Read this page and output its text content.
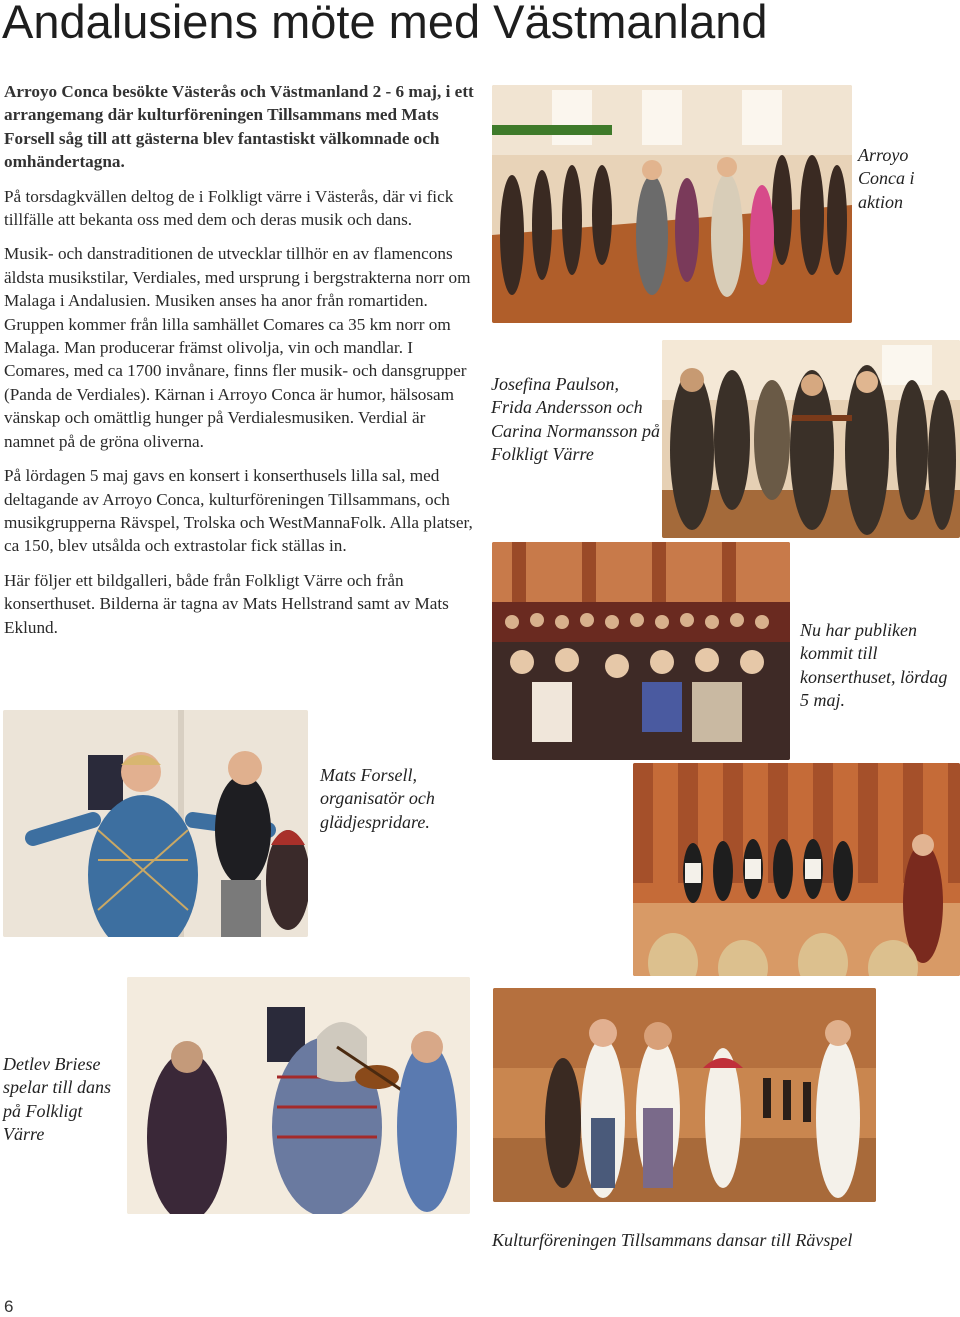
Andalusiens möte med Västmanland

Arroyo Conca besökte Västerås och Västmanland 2 - 6 maj, i ett arrangemang där kulturföreningen Tillsammans med Mats Forsell såg till att gästerna blev fantastiskt välkomnade och omhändertagna.

På torsdagkvällen deltog de i Folkligt värre i Västerås, där vi fick tillfälle att bekanta oss med dem och deras musik och dans.

Musik- och danstraditionen de utvecklar tillhör en av flamencons äldsta musikstilar, Verdiales, med ursprung i bergstrakterna norr om Malaga i Andalusien. Musiken anses ha anor från romartiden. Gruppen kommer från lilla samhället Comares ca 35 km norr om Malaga. Man producerar främst olivolja, vin och mandlar. I Comares, med ca 1700 invånare, finns fler musik- och dansgrupper (Panda de Verdiales). Kärnan i Arroyo Conca är humor, hälsosam vänskap och omättlig hunger på Verdialesmusiken. Verdial är namnet på de gröna oliverna.

På lördagen 5 maj gavs en konsert i konserthusels lilla sal, med deltagande av Arroyo Conca, kulturföreningen Tillsammans, och musikgrupperna Rävspel, Trolska och WestMannaFolk. Alla platser, ca 150, blev utsålda och extrastolar fick ställas in.

Här följer ett bildgalleri, både från Folkligt Värre och från konserthuset. Bilderna är tagna av Mats Hellstrand samt av Mats Eklund.

Arroyo Conca i aktion

Josefina Paulson, Frida Andersson och Carina Normansson på Folkligt Värre

Nu har publiken kommit till konserthuset, lördag 5 maj.

Mats Forsell, organisatör och glädjespridare.

Detlev Briese spelar till dans på Folkligt Värre

Kulturföreningen Tillsammans dansar till Rävspel

6
